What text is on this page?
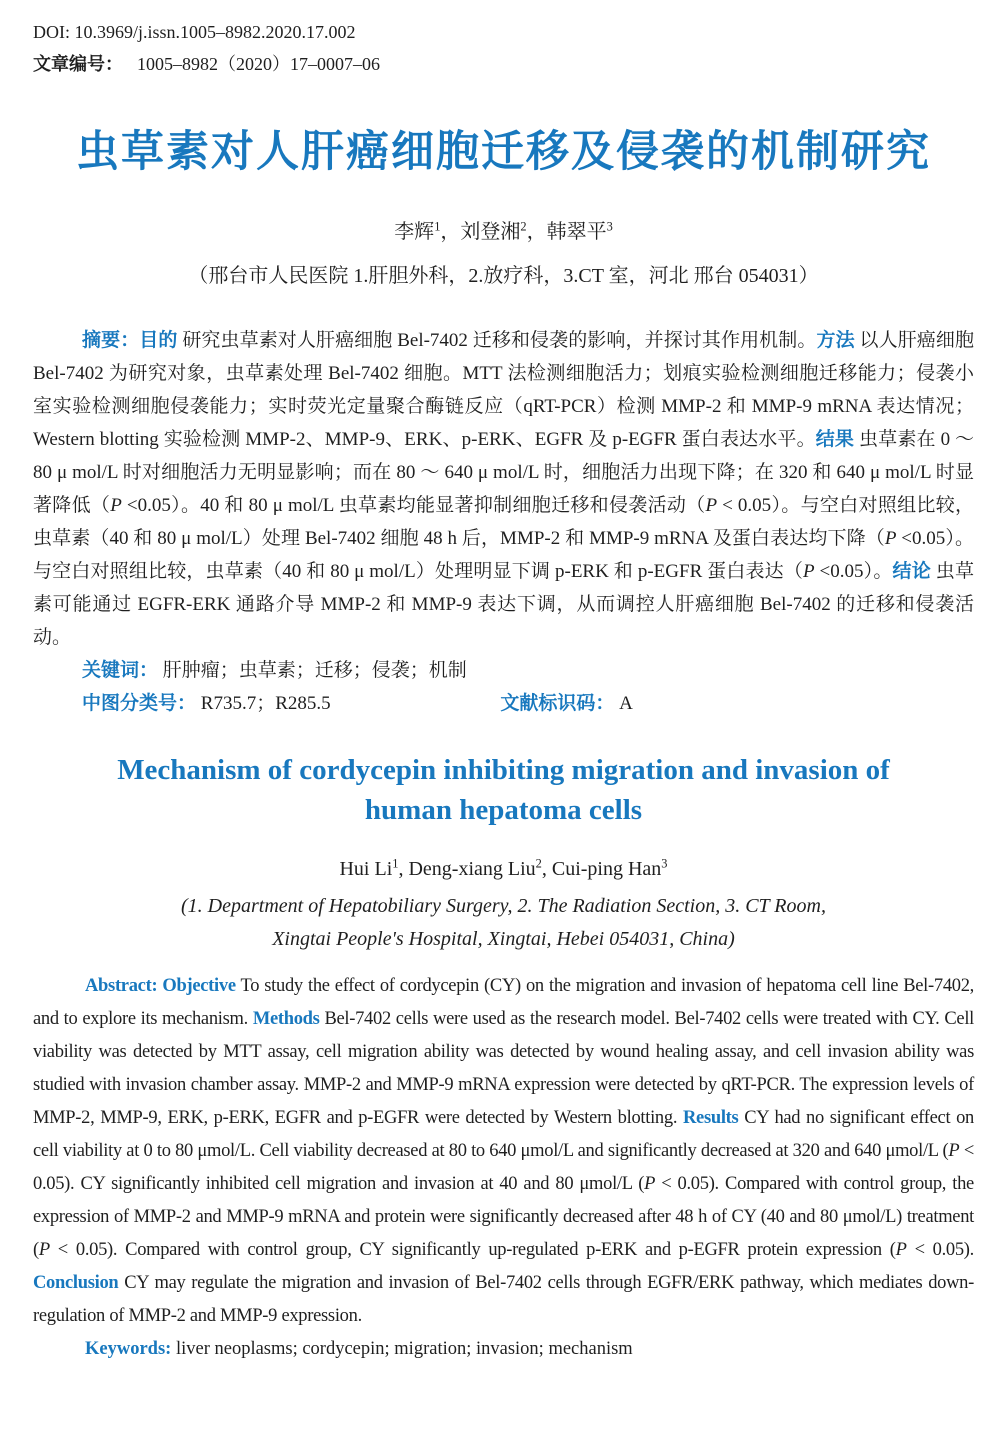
DOI: 10.3969/j.issn.1005–8982.2020.17.002
文章编号： 1005–8982（2020）17–0007–06
虫草素对人肝癌细胞迁移及侵袭的机制研究
李辉$^1$，刘登湘$^2$，韩翠平$^3$
（邢台市人民医院 1.肝胆外科，2.放疗科，3.CT 室，河北 邢台 054031）

摘要：目的 研究虫草素对人肝癌细胞 Bel-7402 迁移和侵袭的影响，并探讨其作用机制。方法 以人肝癌细胞 Bel-7402 为研究对象，虫草素处理 Bel-7402 细胞。MTT 法检测细胞活力；划痕实验检测细胞迁移能力；侵袭小室实验检测细胞侵袭能力；实时荧光定量聚合酶链反应（qRT-PCR）检测 MMP-2 和 MMP-9 mRNA 表达情况；Western blotting 实验检测 MMP-2、MMP-9、ERK、p-ERK、EGFR 及 p-EGFR 蛋白表达水平。结果 虫草素在 0 ～ 80 μ mol/L 时对细胞活力无明显影响；而在 80 ～ 640 μ mol/L 时，细胞活力出现下降；在 320 和 640 μ mol/L 时显著降低（P <0.05）。40 和 80 μ mol/L 虫草素均能显著抑制细胞迁移和侵袭活动（P < 0.05）。与空白对照组比较，虫草素（40 和 80 μ mol/L）处理 Bel-7402 细胞 48 h 后，MMP-2 和 MMP-9 mRNA 及蛋白表达均下降（P <0.05）。与空白对照组比较，虫草素（40 和 80 μ mol/L）处理明显下调 p-ERK 和 p-EGFR 蛋白表达（P <0.05）。结论 虫草素可能通过 EGFR-ERK 通路介导 MMP-2 和 MMP-9 表达下调，从而调控人肝癌细胞 Bel-7402 的迁移和侵袭活动。

关键词： 肝肿瘤；虫草素；迁移；侵袭；机制
中图分类号： R735.7；R285.5	文献标识码： A
Mechanism of cordycepin inhibiting migration and invasion of
human hepatoma cells
Hui Li$^1$, Deng-xiang Liu$^2$, Cui-ping Han$^3$
(1. Department of Hepatobiliary Surgery, 2. The Radiation Section, 3. CT Room,
Xingtai People's Hospital, Xingtai, Hebei 054031, China)

Abstract: Objective To study the effect of cordycepin (CY) on the migration and invasion of hepatoma cell line Bel-7402, and to explore its mechanism. Methods Bel-7402 cells were used as the research model. Bel-7402 cells were treated with CY. Cell viability was detected by MTT assay, cell migration ability was detected by wound healing assay, and cell invasion ability was studied with invasion chamber assay. MMP-2 and MMP-9 mRNA expression were detected by qRT-PCR. The expression levels of MMP-2, MMP-9, ERK, p-ERK, EGFR and p-EGFR were detected by Western blotting. Results CY had no significant effect on cell viability at 0 to 80 μmol/L. Cell viability decreased at 80 to 640 μmol/L and significantly decreased at 320 and 640 μmol/L (P < 0.05). CY significantly inhibited cell migration and invasion at 40 and 80 μmol/L (P < 0.05). Compared with control group, the expression of MMP-2 and MMP-9 mRNA and protein were significantly decreased after 48 h of CY (40 and 80 μmol/L) treatment (P < 0.05). Compared with control group, CY significantly up-regulated p-ERK and p-EGFR protein expression (P < 0.05). Conclusion CY may regulate the migration and invasion of Bel-7402 cells through EGFR/ERK pathway, which mediates down-regulation of MMP-2 and MMP-9 expression.

Keywords: liver neoplasms; cordycepin; migration; invasion; mechanism
